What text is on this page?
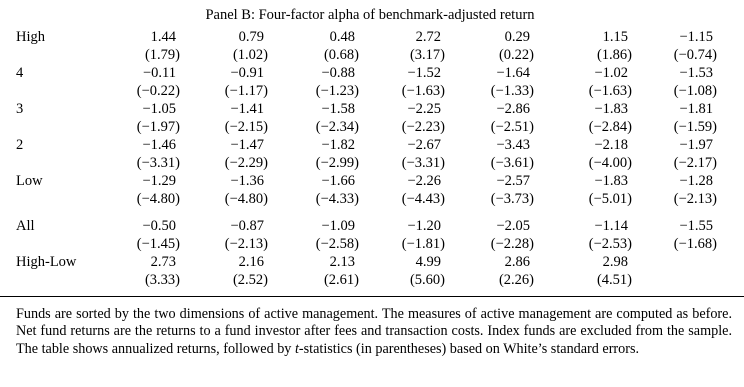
Panel B: Four-factor alpha of benchmark-adjusted return
High	1.44	0.79	0.48	2.72	0.29	1.15	−1.15
(1.79)	(1.02)	(0.68)	(3.17)	(0.22)	(1.86)	(−0.74)
4	−0.11	−0.91	−0.88	−1.52	−1.64	−1.02	−1.53
(−0.22)	(−1.17)	(−1.23)	(−1.63)	(−1.33)	(−1.63)	(−1.08)
3	−1.05	−1.41	−1.58	−2.25	−2.86	−1.83	−1.81
(−1.97)	(−2.15)	(−2.34)	(−2.23)	(−2.51)	(−2.84)	(−1.59)
2	−1.46	−1.47	−1.82	−2.67	−3.43	−2.18	−1.97
(−3.31)	(−2.29)	(−2.99)	(−3.31)	(−3.61)	(−4.00)	(−2.17)
Low	−1.29	−1.36	−1.66	−2.26	−2.57	−1.83	−1.28
(−4.80)	(−4.80)	(−4.33)	(−4.43)	(−3.73)	(−5.01)	(−2.13)
All	−0.50	−0.87	−1.09	−1.20	−2.05	−1.14	−1.55
(−1.45)	(−2.13)	(−2.58)	(−1.81)	(−2.28)	(−2.53)	(−1.68)
High-Low	2.73	2.16	2.13	4.99	2.86	2.98
(3.33)	(2.52)	(2.61)	(5.60)	(2.26)	(4.51)
Funds are sorted by the two dimensions of active management. The measures of active management are computed as before. Net fund returns are the returns to a fund investor after fees and transaction costs. Index funds are excluded from the sample. The table shows annualized returns, followed by t-statistics (in parentheses) based on White’s standard errors.
